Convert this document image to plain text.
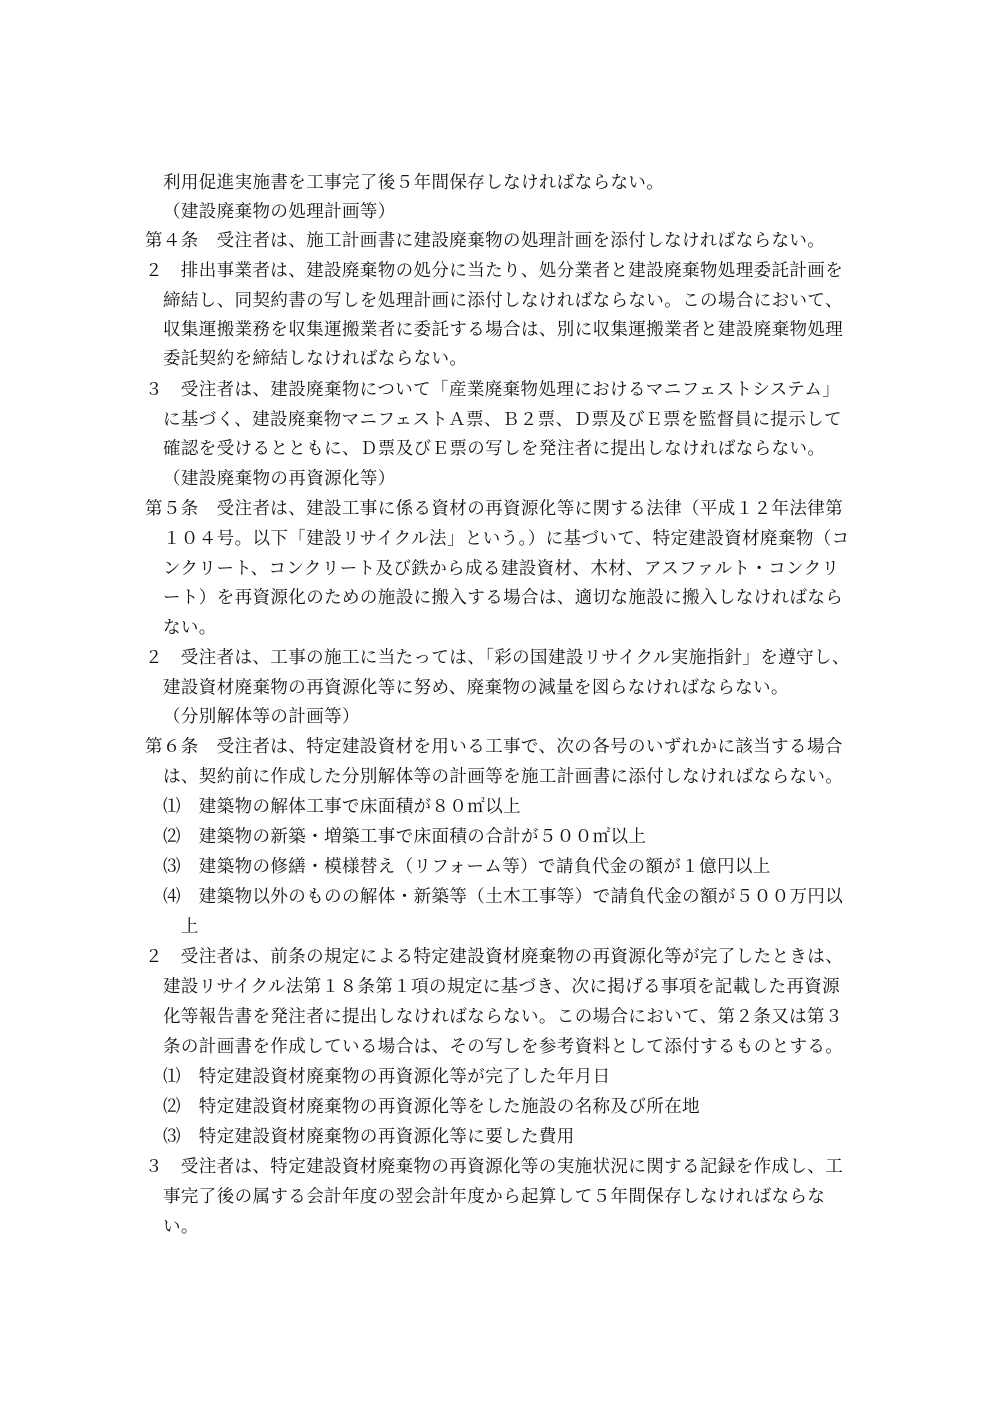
利用促進実施書を工事完了後５年間保存しなければならない。
（建設廃棄物の処理計画等）
第４条　受注者は、施工計画書に建設廃棄物の処理計画を添付しなければならない。
２　排出事業者は、建設廃棄物の処分に当たり、処分業者と建設廃棄物処理委託計画を
締結し、同契約書の写しを処理計画に添付しなければならない。この場合において、
収集運搬業務を収集運搬業者に委託する場合は、別に収集運搬業者と建設廃棄物処理
委託契約を締結しなければならない。
３　受注者は、建設廃棄物について「産業廃棄物処理におけるマニフェストシステム」
に基づく、建設廃棄物マニフェストＡ票、Ｂ２票、Ｄ票及びＥ票を監督員に提示して
確認を受けるとともに、Ｄ票及びＥ票の写しを発注者に提出しなければならない。
（建設廃棄物の再資源化等）
第５条　受注者は、建設工事に係る資材の再資源化等に関する法律（平成１２年法律第
１０４号。以下「建設リサイクル法」という。）に基づいて、特定建設資材廃棄物（コ
ンクリート、コンクリート及び鉄から成る建設資材、木材、アスファルト・コンクリ
ート）を再資源化のための施設に搬入する場合は、適切な施設に搬入しなければなら
ない。
２　受注者は、工事の施工に当たっては、「彩の国建設リサイクル実施指針」を遵守し、
建設資材廃棄物の再資源化等に努め、廃棄物の減量を図らなければならない。
（分別解体等の計画等）
第６条　受注者は、特定建設資材を用いる工事で、次の各号のいずれかに該当する場合
は、契約前に作成した分別解体等の計画等を施工計画書に添付しなければならない。
⑴　建築物の解体工事で床面積が８０㎡以上
⑵　建築物の新築・増築工事で床面積の合計が５００㎡以上
⑶　建築物の修繕・模様替え（リフォーム等）で請負代金の額が１億円以上
⑷　建築物以外のものの解体・新築等（土木工事等）で請負代金の額が５００万円以
上
２　受注者は、前条の規定による特定建設資材廃棄物の再資源化等が完了したときは、
建設リサイクル法第１８条第１項の規定に基づき、次に掲げる事項を記載した再資源
化等報告書を発注者に提出しなければならない。この場合において、第２条又は第３
条の計画書を作成している場合は、その写しを参考資料として添付するものとする。
⑴　特定建設資材廃棄物の再資源化等が完了した年月日
⑵　特定建設資材廃棄物の再資源化等をした施設の名称及び所在地
⑶　特定建設資材廃棄物の再資源化等に要した費用
３　受注者は、特定建設資材廃棄物の再資源化等の実施状況に関する記録を作成し、工
事完了後の属する会計年度の翌会計年度から起算して５年間保存しなければならな
い。
